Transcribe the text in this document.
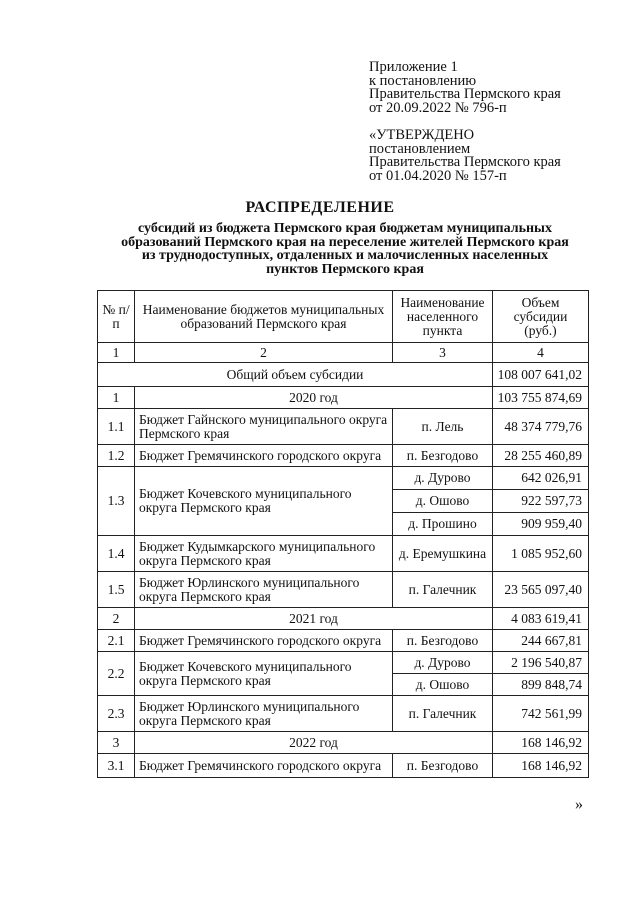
Приложение 1
к постановлению
Правительства Пермского края
от 20.09.2022 № 796-п
«УТВЕРЖДЕНО
постановлением
Правительства Пермского края
от 01.04.2020 № 157-п
РАСПРЕДЕЛЕНИЕ
субсидий из бюджета Пермского края бюджетам муниципальных
образований Пермского края на переселение жителей Пермского края
из труднодоступных, отдаленных и малочисленных населенных
пунктов Пермского края
№ п/п	Наименование бюджетов муниципальных образований Пермского края	Наименование населенного пункта	Объем субсидии (руб.)
1	2	3	4
Общий объем субсидии			108 007 641,02
1	2020 год		103 755 874,69
1.1	Бюджет Гайнского муниципального округа Пермского края	п. Лель	48 374 779,76
1.2	Бюджет Гремячинского городского округа	п. Безгодово	28 255 460,89
1.3	Бюджет Кочевского муниципального округа Пермского края	д. Дурово	642 026,91
		д. Ошово	922 597,73
		д. Прошино	909 959,40
1.4	Бюджет Кудымкарского муниципального округа Пермского края	д. Еремушкина	1 085 952,60
1.5	Бюджет Юрлинского муниципального округа Пермского края	п. Галечник	23 565 097,40
2	2021 год		4 083 619,41
2.1	Бюджет Гремячинского городского округа	п. Безгодово	244 667,81
2.2	Бюджет Кочевского муниципального округа Пермского края	д. Дурово	2 196 540,87
		д. Ошово	899 848,74
2.3	Бюджет Юрлинского муниципального округа Пермского края	п. Галечник	742 561,99
3	2022 год		168 146,92
3.1	Бюджет Гремячинского городского округа	п. Безгодово	168 146,92
»
